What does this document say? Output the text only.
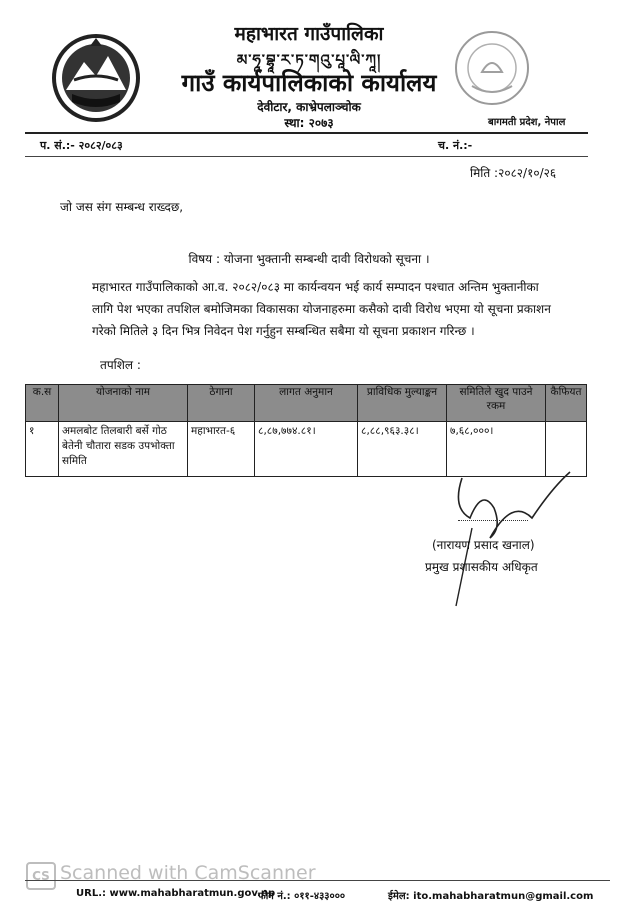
महाभारत गाउँपालिका
མ་ཧཱ་བྷཱ་ར་ཏ་གའུ་པཱ་ལི་ཀཱ།
गाउँ कार्यपालिकाको कार्यालय
देवीटार, काभ्रेपलाञ्चोक
स्था: २०७३	बागमती प्रदेश, नेपाल
प. सं.:- २०८२/०८३	च. नं.:-
मिति :२०८२/१०/२६
जो जस संग सम्बन्ध राख्दछ,
विषय : योजना भुक्तानी सम्बन्धी दावी विरोधको सूचना ।
महाभारत गाउँपालिकाको आ.व. २०८२/०८३ मा कार्यन्वयन भई कार्य सम्पादन पश्चात अन्तिम भुक्तानीका लागि पेश भएका तपशिल बमोजिमका विकासका योजनाहरुमा कसैको दावी विरोध भएमा यो सूचना प्रकाशन गरेको मितिले ३ दिन भित्र निवेदन पेश गर्नुहुन सम्बन्धित सबैमा यो सूचना प्रकाशन गरिन्छ ।
तपशिल :
क.स	योजनाको नाम	ठेगाना	लागत अनुमान	प्राविधिक मुल्याङ्कन	समितिले खुद पाउने रकम	कैफियत
१	अमलबोट तिलबारी बर्से गोठ बेतेनी चौतारा सडक उपभोक्ता समिति	महाभारत-६	८,८७,७७४.८१।	८,८८,९६३.३८।	७,६८,०००।	
(नारायण प्रसाद खनाल)
प्रमुख प्रशासकीय अधिकृत
CS Scanned with CamScanner
URL.: www.mahabharatmun.gov.np
फोन नं.: ०११-४३३०००	ईमेल: ito.mahabharatmun@gmail.com
